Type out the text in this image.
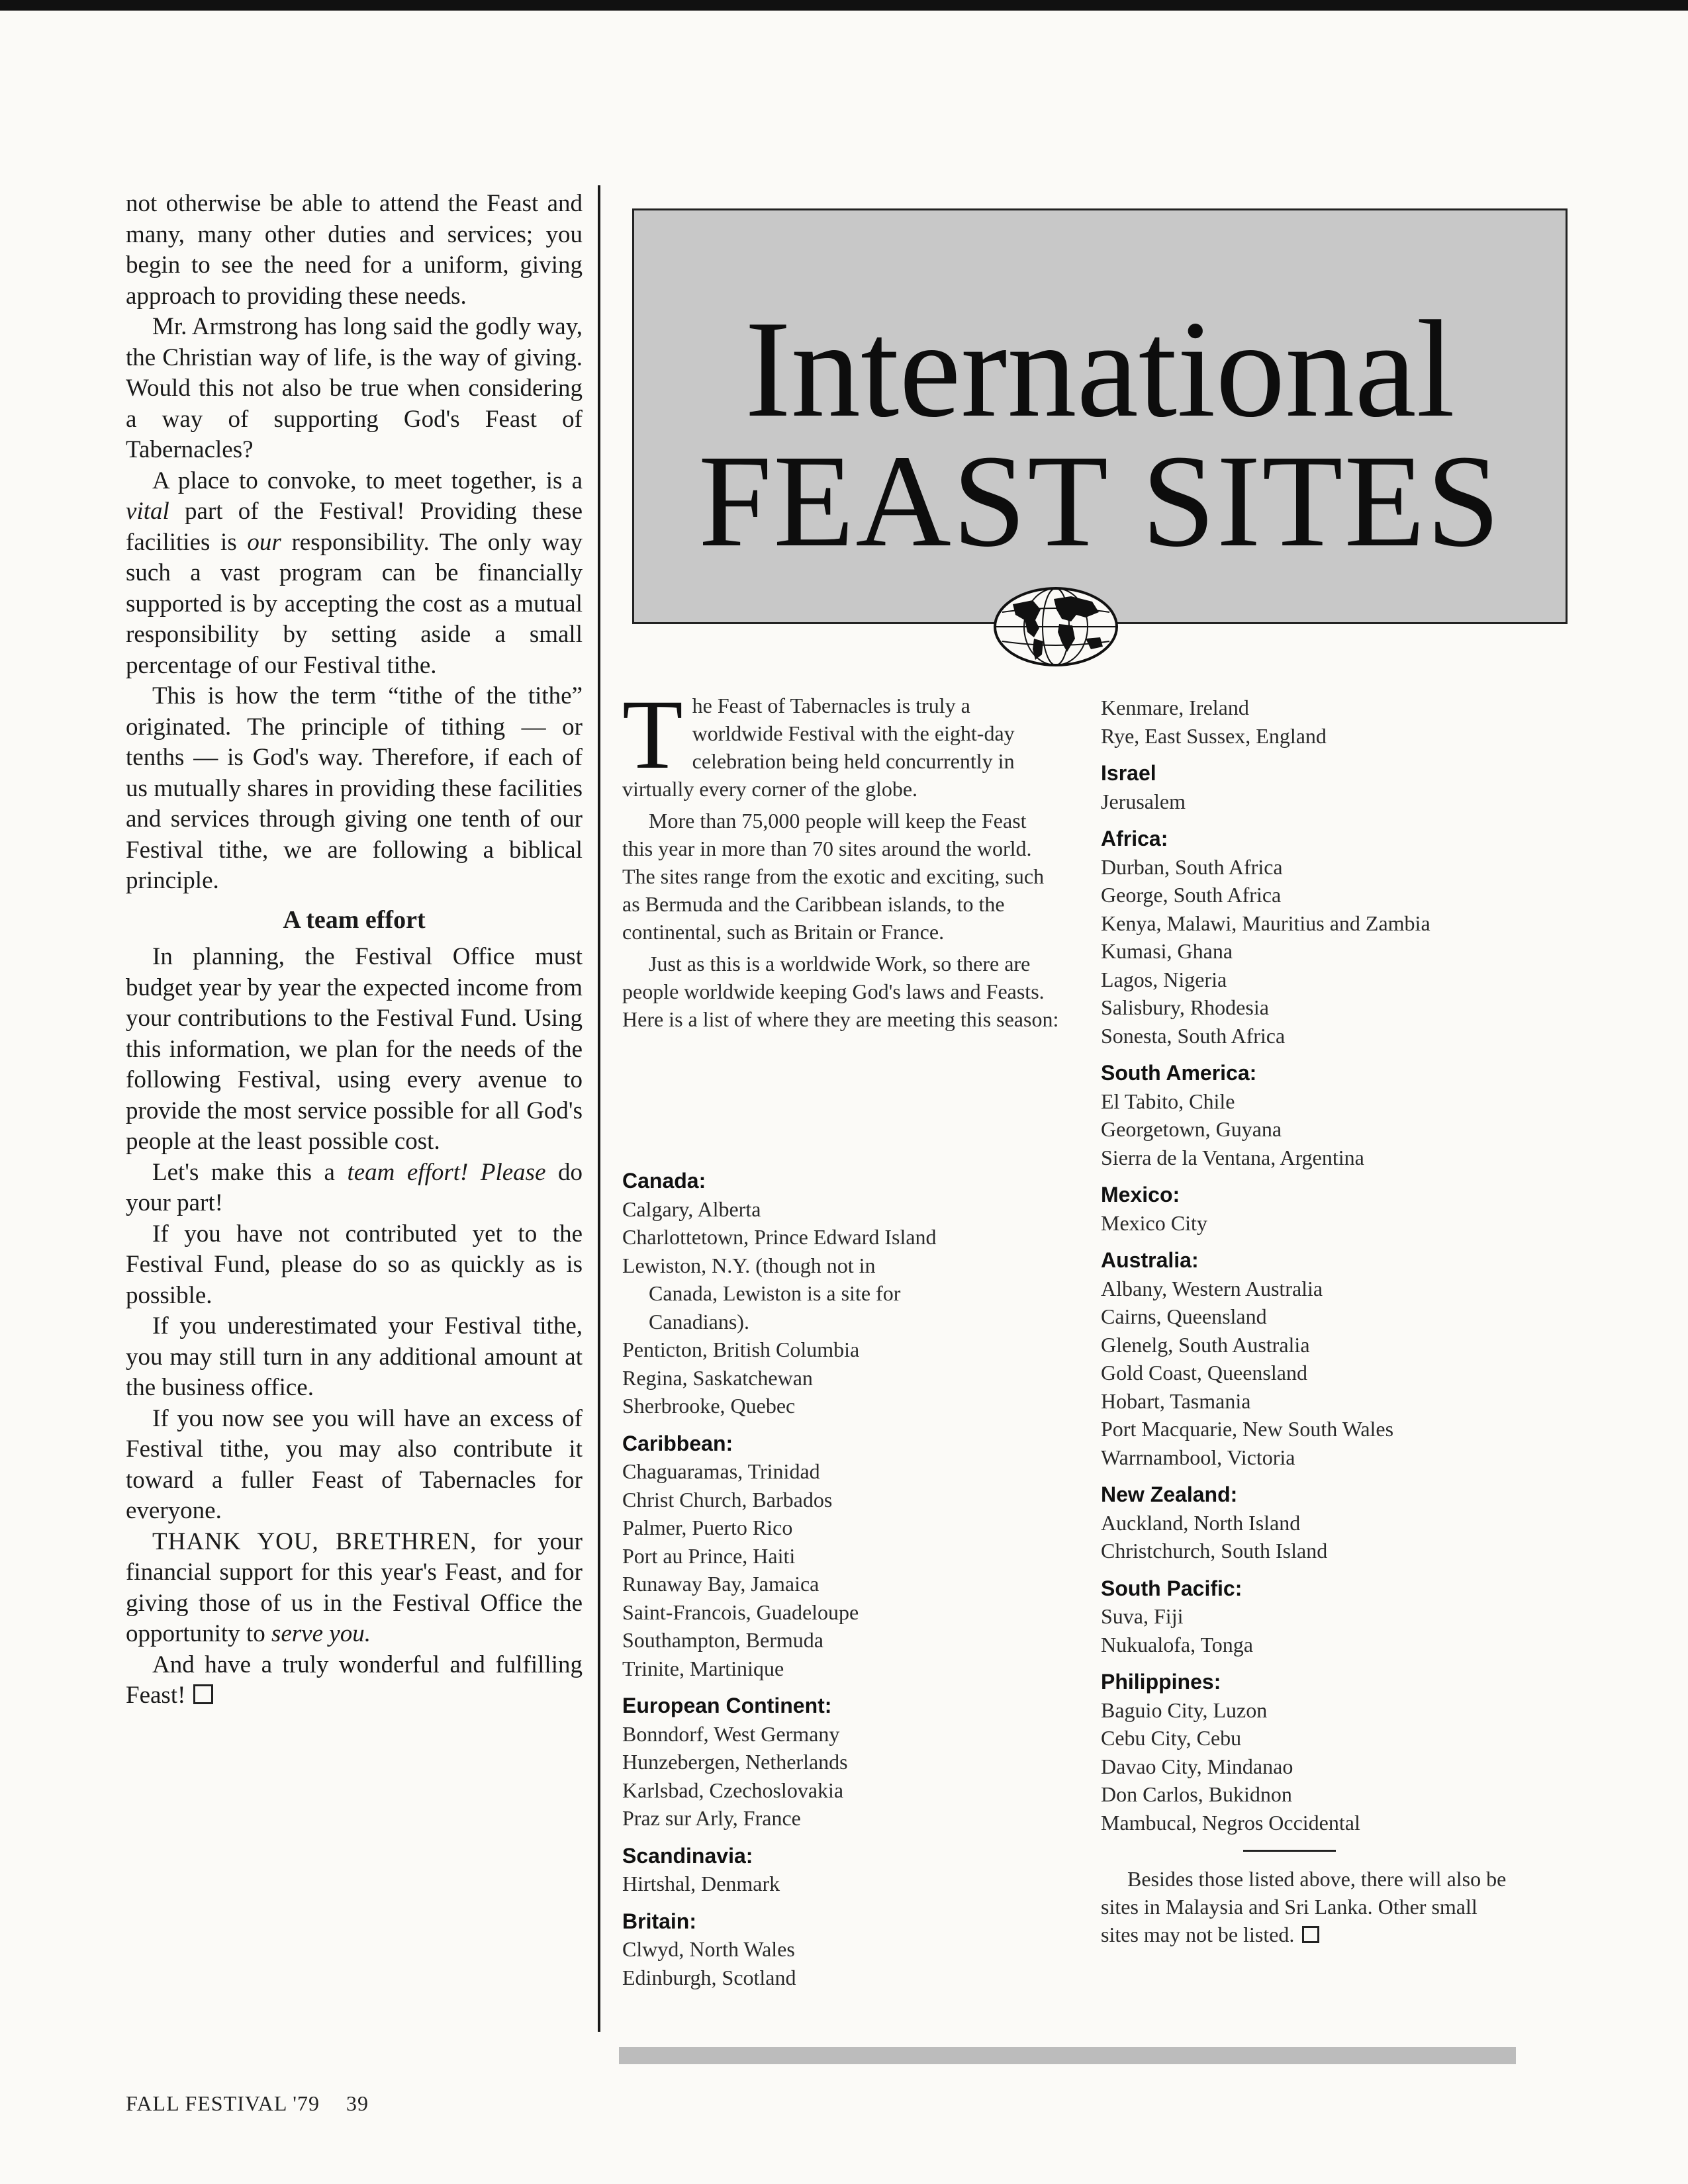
not otherwise be able to attend the Feast and many, many other duties and services; you begin to see the need for a uniform, giving approach to providing these needs.

Mr. Armstrong has long said the godly way, the Christian way of life, is the way of giving. Would this not also be true when considering a way of supporting God's Feast of Tabernacles?

A place to convoke, to meet together, is a vital part of the Festival! Providing these facilities is our responsibility. The only way such a vast program can be financially supported is by accepting the cost as a mutual responsibility by setting aside a small percentage of our Festival tithe.

This is how the term “tithe of the tithe” originated. The principle of tithing — or tenths — is God's way. Therefore, if each of us mutually shares in providing these facilities and services through giving one tenth of our Festival tithe, we are following a biblical principle.

A team effort

In planning, the Festival Office must budget year by year the expected income from your contributions to the Festival Fund. Using this information, we plan for the needs of the following Festival, using every avenue to provide the most service possible for all God's people at the least possible cost.

Let's make this a team effort! Please do your part!

If you have not contributed yet to the Festival Fund, please do so as quickly as is possible.

If you underestimated your Festival tithe, you may still turn in any additional amount at the business office.

If you now see you will have an excess of Festival tithe, you may also contribute it toward a fuller Feast of Tabernacles for everyone.

THANK YOU, BRETHREN, for your financial support for this year's Feast, and for giving those of us in the Festival Office the opportunity to serve you.

And have a truly wonderful and fulfilling Feast!

International
FEAST SITES

The Feast of Tabernacles is truly a worldwide Festival with the eight-day celebration being held concurrently in virtually every corner of the globe.

More than 75,000 people will keep the Feast this year in more than 70 sites around the world. The sites range from the exotic and exciting, such as Bermuda and the Caribbean islands, to the continental, such as Britain or France.

Just as this is a worldwide Work, so there are people worldwide keeping God's laws and Feasts. Here is a list of where they are meeting this season:

Canada:
Calgary, Alberta
Charlottetown, Prince Edward Island
Lewiston, N.Y. (though not in
Canada, Lewiston is a site for
Canadians).
Penticton, British Columbia
Regina, Saskatchewan
Sherbrooke, Quebec
Caribbean:
Chaguaramas, Trinidad
Christ Church, Barbados
Palmer, Puerto Rico
Port au Prince, Haiti
Runaway Bay, Jamaica
Saint-Francois, Guadeloupe
Southampton, Bermuda
Trinite, Martinique
European Continent:
Bonndorf, West Germany
Hunzebergen, Netherlands
Karlsbad, Czechoslovakia
Praz sur Arly, France
Scandinavia:
Hirtshal, Denmark
Britain:
Clwyd, North Wales
Edinburgh, Scotland
Kenmare, Ireland
Rye, East Sussex, England
Israel
Jerusalem
Africa:
Durban, South Africa
George, South Africa
Kenya, Malawi, Mauritius and Zambia
Kumasi, Ghana
Lagos, Nigeria
Salisbury, Rhodesia
Sonesta, South Africa
South America:
El Tabito, Chile
Georgetown, Guyana
Sierra de la Ventana, Argentina
Mexico:
Mexico City
Australia:
Albany, Western Australia
Cairns, Queensland
Glenelg, South Australia
Gold Coast, Queensland
Hobart, Tasmania
Port Macquarie, New South Wales
Warrnambool, Victoria
New Zealand:
Auckland, North Island
Christchurch, South Island
South Pacific:
Suva, Fiji
Nukualofa, Tonga
Philippines:
Baguio City, Luzon
Cebu City, Cebu
Davao City, Mindanao
Don Carlos, Bukidnon
Mambucal, Negros Occidental

Besides those listed above, there will also be sites in Malaysia and Sri Lanka. Other small sites may not be listed.

FALL FESTIVAL '79 39
